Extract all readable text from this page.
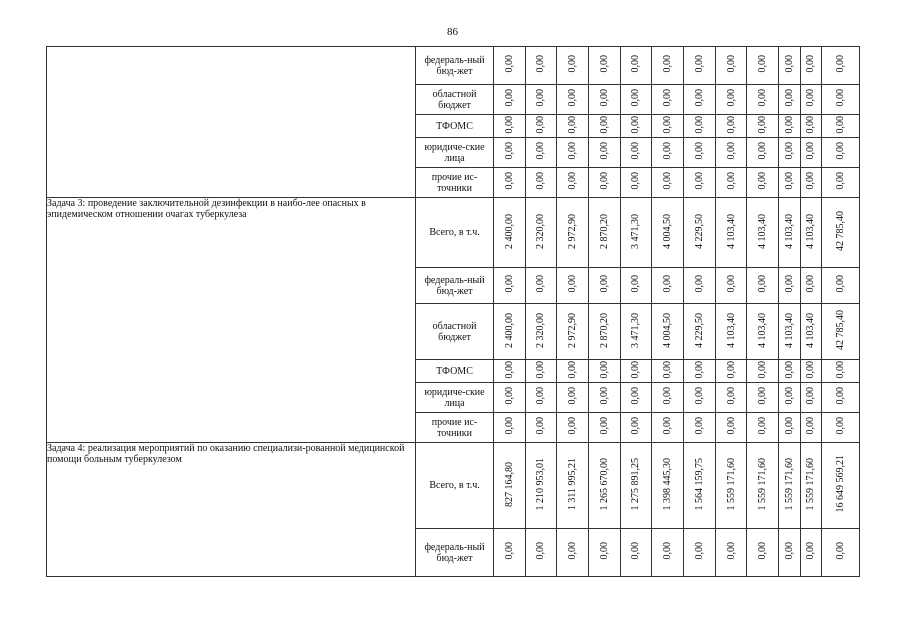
86
	федераль-ный бюд-жет	0,00	0,00	0,00	0,00	0,00	0,00	0,00	0,00	0,00	0,00	0,00	0,00
	областной бюджет	0,00	0,00	0,00	0,00	0,00	0,00	0,00	0,00	0,00	0,00	0,00	0,00
	ТФОМС	0,00	0,00	0,00	0,00	0,00	0,00	0,00	0,00	0,00	0,00	0,00	0,00
	юридиче-ские лица	0,00	0,00	0,00	0,00	0,00	0,00	0,00	0,00	0,00	0,00	0,00	0,00
	прочие ис-точники	0,00	0,00	0,00	0,00	0,00	0,00	0,00	0,00	0,00	0,00	0,00	0,00
Задача 3: проведение заключительной дезинфекции в наибо-лее опасных в эпидемическом отношении очагах туберкулеза	Всего, в т.ч.	2 400,00	2 320,00	2 972,90	2 870,20	3 471,30	4 004,50	4 229,50	4 103,40	4 103,40	4 103,40	4 103,40	42 785,40
	федераль-ный бюд-жет	0,00	0,00	0,00	0,00	0,00	0,00	0,00	0,00	0,00	0,00	0,00	0,00
	областной бюджет	2 400,00	2 320,00	2 972,90	2 870,20	3 471,30	4 004,50	4 229,50	4 103,40	4 103,40	4 103,40	4 103,40	42 785,40
	ТФОМС	0,00	0,00	0,00	0,00	0,00	0,00	0,00	0,00	0,00	0,00	0,00	0,00
	юридиче-ские лица	0,00	0,00	0,00	0,00	0,00	0,00	0,00	0,00	0,00	0,00	0,00	0,00
	прочие ис-точники	0,00	0,00	0,00	0,00	0,00	0,00	0,00	0,00	0,00	0,00	0,00	0,00
Задача 4: реализация мероприятий по оказанию специализи-рованной медицинской помощи больным туберкулезом	Всего, в т.ч.	827 164,80	1 210 953,01	1 311 995,21	1 265 670,00	1 275 891,25	1 398 445,30	1 564 159,75	1 559 171,60	1 559 171,60	1 559 171,60	1 559 171,60	16 649 569,21
	федераль-ный бюд-жет	0,00	0,00	0,00	0,00	0,00	0,00	0,00	0,00	0,00	0,00	0,00	0,00
